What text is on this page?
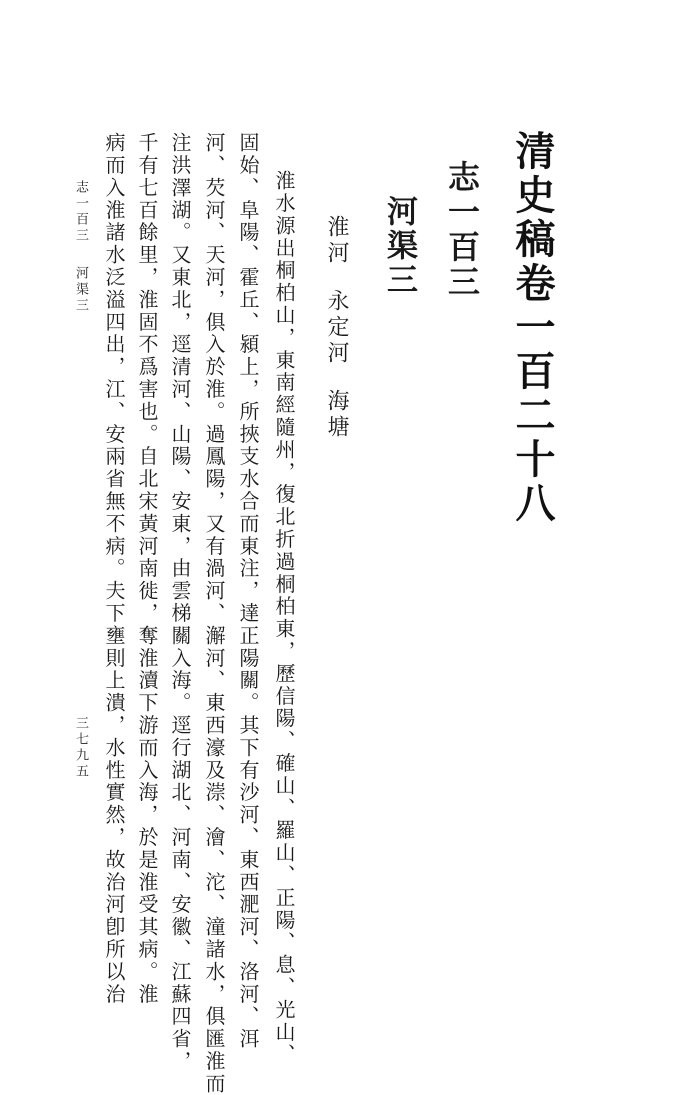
清史稿卷一百二十八
志一百三
河渠三
淮河永定河海塘
淮水源出桐柏山，東南經隨州，復北折過桐柏東，歷信陽、確山、羅山、正陽、息、光山、
固始、阜陽、霍丘、潁上，所挾支水合而東注，達正陽關。其下有沙河、東西淝河、洛河、洱
河、芡河、天河，俱入於淮。過鳳陽，又有渦河、澥河、東西濠及漴、澮、沱、潼諸水，俱匯淮而
注洪澤湖。又東北，逕清河、山陽、安東，由雲梯關入海。逕行湖北、河南、安徽、江蘇四省，
千有七百餘里，淮固不爲害也。自北宋黃河南徙，奪淮瀆下游而入海，於是淮受其病。淮
病而入淮諸水泛溢四出，江、安兩省無不病。夫下壅則上潰，水性實然，故治河卽所以治
志一百三河渠三
三七九五
